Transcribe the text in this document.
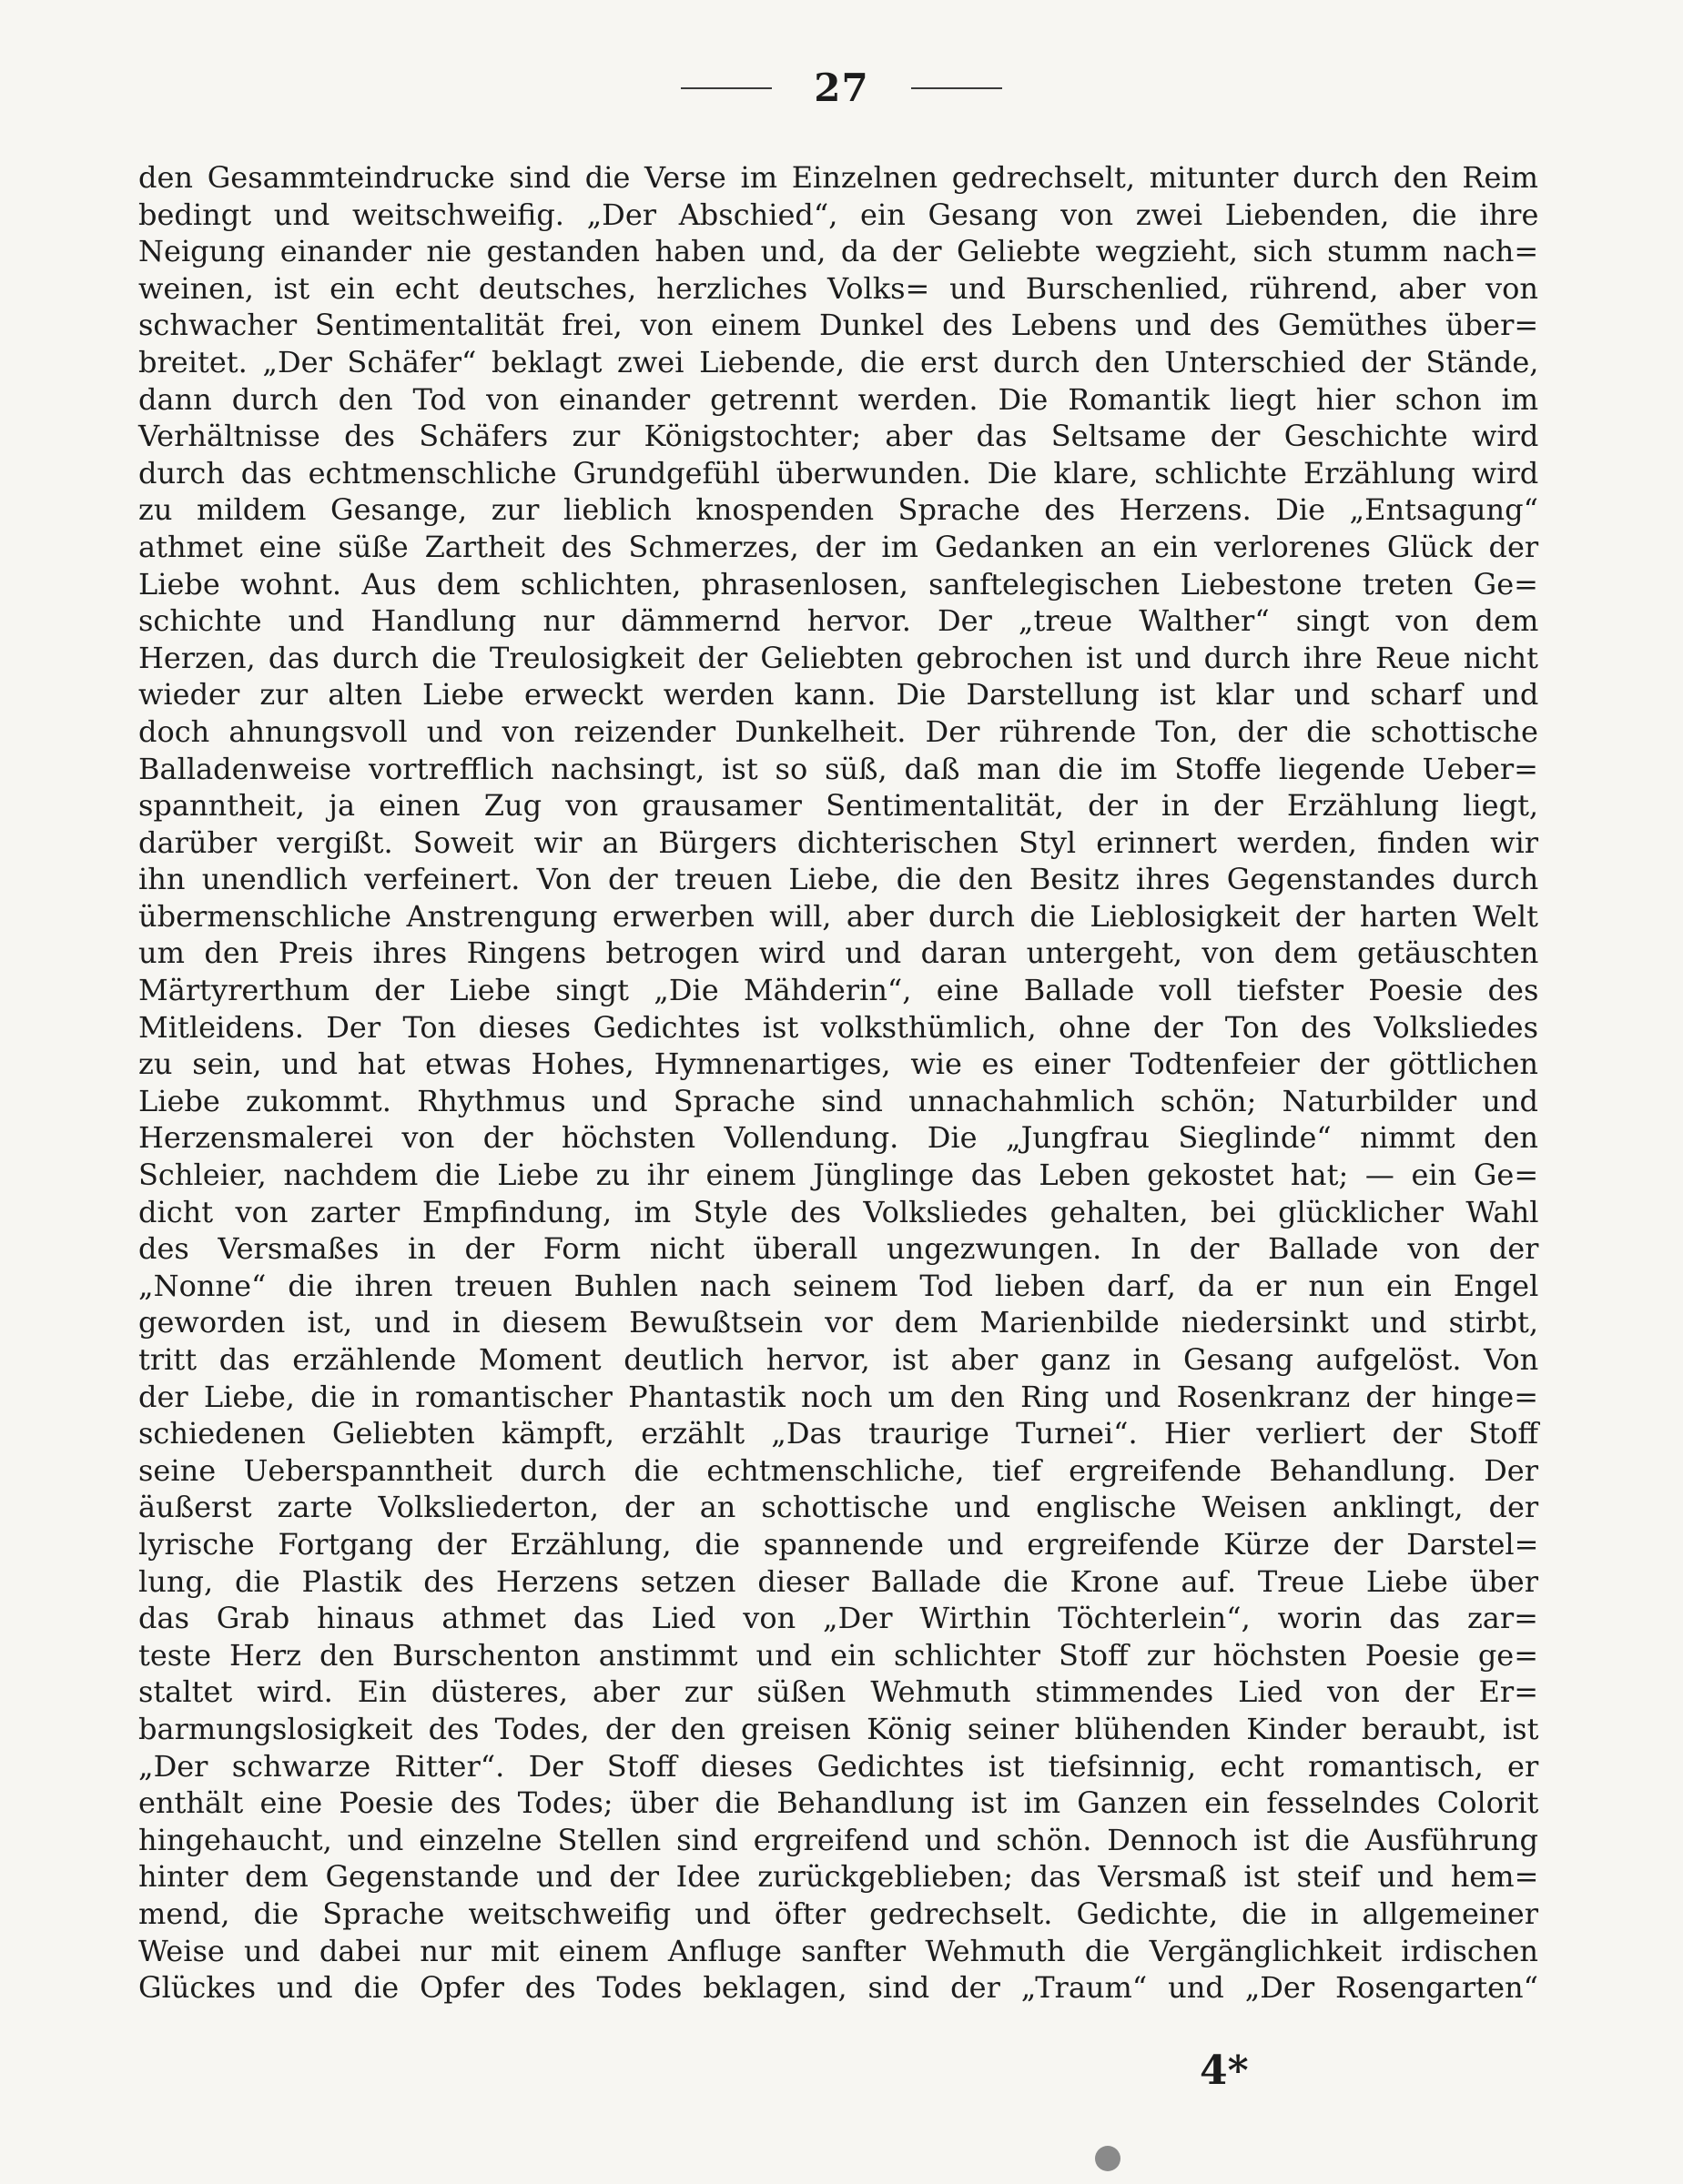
27
den Gesammteindrucke sind die Verse im Einzelnen gedrechselt, mitunter durch den Reim
bedingt und weitschweifig. „Der Abschied“, ein Gesang von zwei Liebenden, die ihre
Neigung einander nie gestanden haben und, da der Geliebte wegzieht, sich stumm nach=
weinen, ist ein echt deutsches, herzliches Volks= und Burschenlied, rührend, aber von
schwacher Sentimentalität frei, von einem Dunkel des Lebens und des Gemüthes über=
breitet. „Der Schäfer“ beklagt zwei Liebende, die erst durch den Unterschied der Stände,
dann durch den Tod von einander getrennt werden. Die Romantik liegt hier schon im
Verhältnisse des Schäfers zur Königstochter; aber das Seltsame der Geschichte wird
durch das echtmenschliche Grundgefühl überwunden. Die klare, schlichte Erzählung wird
zu mildem Gesange, zur lieblich knospenden Sprache des Herzens. Die „Entsagung“
athmet eine süße Zartheit des Schmerzes, der im Gedanken an ein verlorenes Glück der
Liebe wohnt. Aus dem schlichten, phrasenlosen, sanftelegischen Liebestone treten Ge=
schichte und Handlung nur dämmernd hervor. Der „treue Walther“ singt von dem
Herzen, das durch die Treulosigkeit der Geliebten gebrochen ist und durch ihre Reue nicht
wieder zur alten Liebe erweckt werden kann. Die Darstellung ist klar und scharf und
doch ahnungsvoll und von reizender Dunkelheit. Der rührende Ton, der die schottische
Balladenweise vortrefflich nachsingt, ist so süß, daß man die im Stoffe liegende Ueber=
spanntheit, ja einen Zug von grausamer Sentimentalität, der in der Erzählung liegt,
darüber vergißt. Soweit wir an Bürgers dichterischen Styl erinnert werden, finden wir
ihn unendlich verfeinert. Von der treuen Liebe, die den Besitz ihres Gegenstandes durch
übermenschliche Anstrengung erwerben will, aber durch die Lieblosigkeit der harten Welt
um den Preis ihres Ringens betrogen wird und daran untergeht, von dem getäuschten
Märtyrerthum der Liebe singt „Die Mähderin“, eine Ballade voll tiefster Poesie des
Mitleidens. Der Ton dieses Gedichtes ist volksthümlich, ohne der Ton des Volksliedes
zu sein, und hat etwas Hohes, Hymnenartiges, wie es einer Todtenfeier der göttlichen
Liebe zukommt. Rhythmus und Sprache sind unnachahmlich schön; Naturbilder und
Herzensmalerei von der höchsten Vollendung. Die „Jungfrau Sieglinde“ nimmt den
Schleier, nachdem die Liebe zu ihr einem Jünglinge das Leben gekostet hat; — ein Ge=
dicht von zarter Empfindung, im Style des Volksliedes gehalten, bei glücklicher Wahl
des Versmaßes in der Form nicht überall ungezwungen. In der Ballade von der
„Nonne“ die ihren treuen Buhlen nach seinem Tod lieben darf, da er nun ein Engel
geworden ist, und in diesem Bewußtsein vor dem Marienbilde niedersinkt und stirbt,
tritt das erzählende Moment deutlich hervor, ist aber ganz in Gesang aufgelöst. Von
der Liebe, die in romantischer Phantastik noch um den Ring und Rosenkranz der hinge=
schiedenen Geliebten kämpft, erzählt „Das traurige Turnei“. Hier verliert der Stoff
seine Ueberspanntheit durch die echtmenschliche, tief ergreifende Behandlung. Der
äußerst zarte Volksliederton, der an schottische und englische Weisen anklingt, der
lyrische Fortgang der Erzählung, die spannende und ergreifende Kürze der Darstel=
lung, die Plastik des Herzens setzen dieser Ballade die Krone auf. Treue Liebe über
das Grab hinaus athmet das Lied von „Der Wirthin Töchterlein“, worin das zar=
teste Herz den Burschenton anstimmt und ein schlichter Stoff zur höchsten Poesie ge=
staltet wird. Ein düsteres, aber zur süßen Wehmuth stimmendes Lied von der Er=
barmungslosigkeit des Todes, der den greisen König seiner blühenden Kinder beraubt, ist
„Der schwarze Ritter“. Der Stoff dieses Gedichtes ist tiefsinnig, echt romantisch, er
enthält eine Poesie des Todes; über die Behandlung ist im Ganzen ein fesselndes Colorit
hingehaucht, und einzelne Stellen sind ergreifend und schön. Dennoch ist die Ausführung
hinter dem Gegenstande und der Idee zurückgeblieben; das Versmaß ist steif und hem=
mend, die Sprache weitschweifig und öfter gedrechselt. Gedichte, die in allgemeiner
Weise und dabei nur mit einem Anfluge sanfter Wehmuth die Vergänglichkeit irdischen
Glückes und die Opfer des Todes beklagen, sind der „Traum“ und „Der Rosengarten“
4*
